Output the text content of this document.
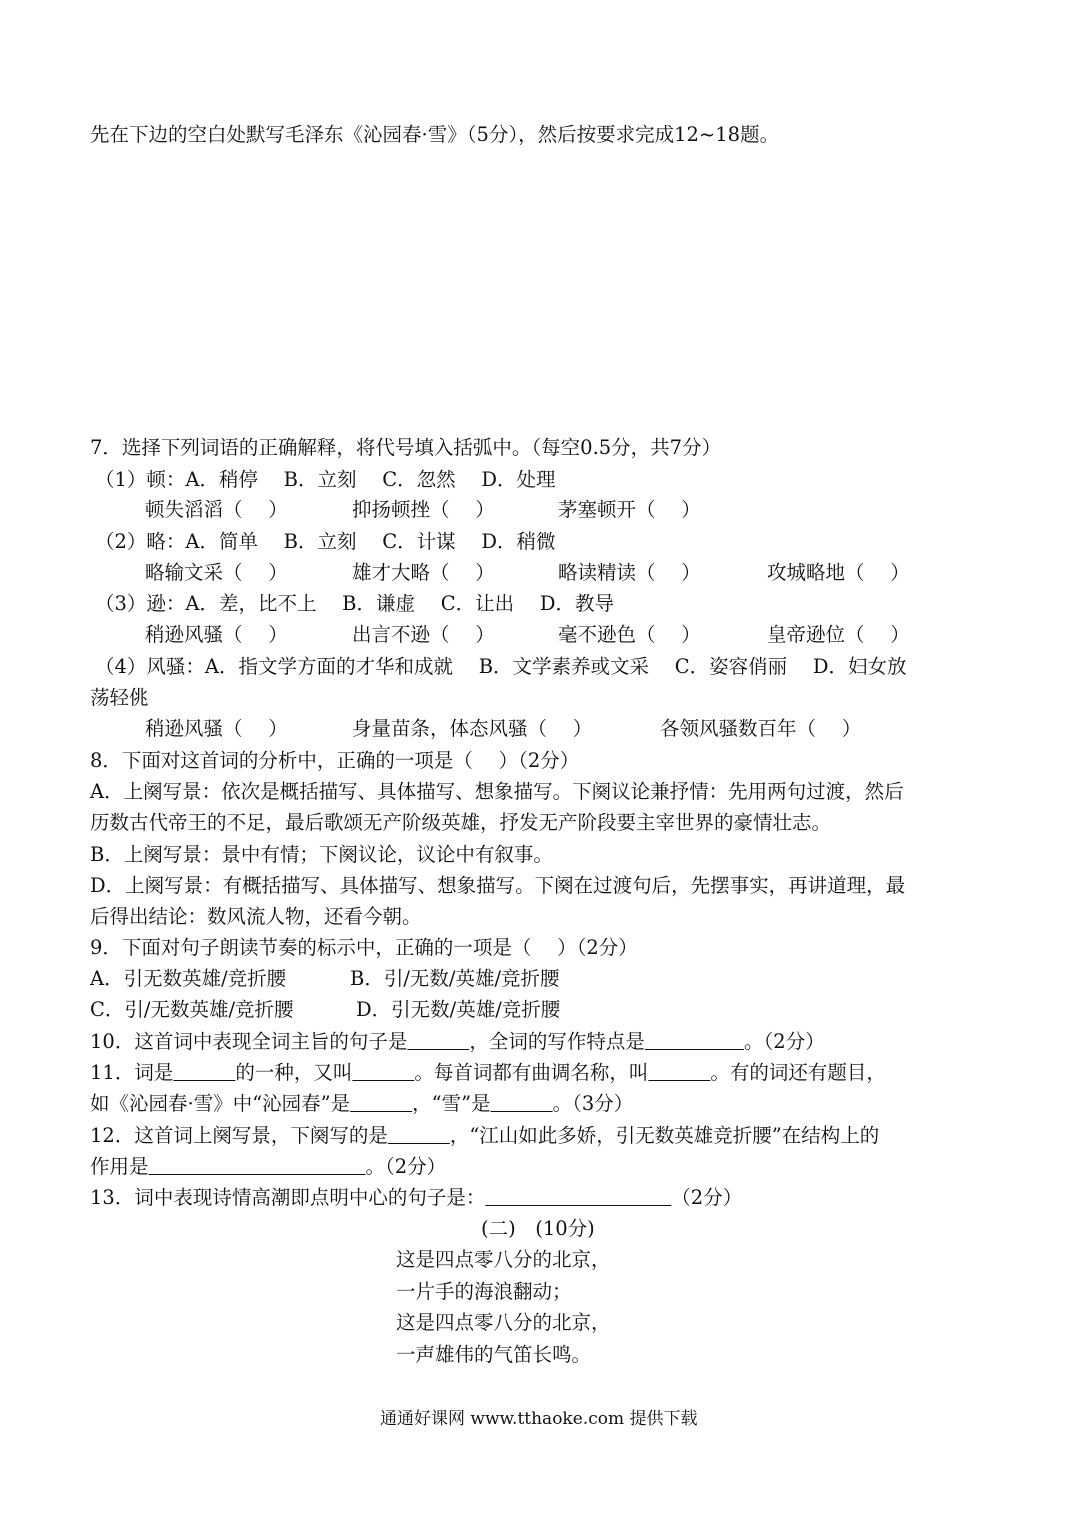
先在下边的空白处默写毛泽东《沁园春·雪》（5分），然后按要求完成12~18题。
7．选择下列词语的正确解释，将代号填入括弧中。（每空0.5分，共7分）
（1）顿：A．稍停　 B．立刻　 C．忽然　 D．处理
顿失滔滔（　 ）	抑扬顿挫（　 ）	茅塞顿开（　 ）
（2）略：A．简单　 B．立刻　 C．计谋　 D．稍微
略输文采（　 ）	雄才大略（　 ）	略读精读（　 ）	攻城略地（　 ）
（3）逊：A．差，比不上　 B．谦虚　 C．让出　 D．教导
稍逊风骚（　 ）	出言不逊（　 ）	毫不逊色（　 ）	皇帝逊位（　 ）
（4）风骚：A．指文学方面的才华和成就　 B．文学素养或文采　 C．姿容俏丽　 D．妇女放
荡轻佻
稍逊风骚（　 ）	身量苗条，体态风骚（　 ）	各领风骚数百年（　 ）
8．下面对这首词的分析中，正确的一项是（　 ）（2分）
A．上阕写景：依次是概括描写、具体描写、想象描写。下阕议论兼抒情：先用两句过渡，然后
历数古代帝王的不足，最后歌颂无产阶级英雄，抒发无产阶段要主宰世界的豪情壮志。
B．上阕写景：景中有情；下阕议论，议论中有叙事。
D．上阕写景：有概括描写、具体描写、想象描写。下阕在过渡句后，先摆事实，再讲道理，最
后得出结论：数风流人物，还看今朝。
9．下面对句子朗读节奏的标示中，正确的一项是（　 ）（2分）
A．引无数英雄/竞折腰	B．引/无数/英雄/竞折腰
C．引/无数英雄/竞折腰	D．引无数/英雄/竞折腰
10．这首词中表现全词主旨的句子是	，全词的写作特点是	。（2分）
11．词是	的一种，又叫	。每首词都有曲调名称，叫	。有的词还有题目，
如《沁园春·雪》中“沁园春”是	，“雪”是	。（3分）
12．这首词上阕写景，下阕写的是	，“江山如此多娇，引无数英雄竞折腰”在结构上的
作用是	。（2分）
13．词中表现诗情高潮即点明中心的句子是：	（2分）
(二)　(10分)
这是四点零八分的北京，
一片手的海浪翻动；
这是四点零八分的北京，
一声雄伟的气笛长鸣。
通通好课网 www.tthaoke.com 提供下载
